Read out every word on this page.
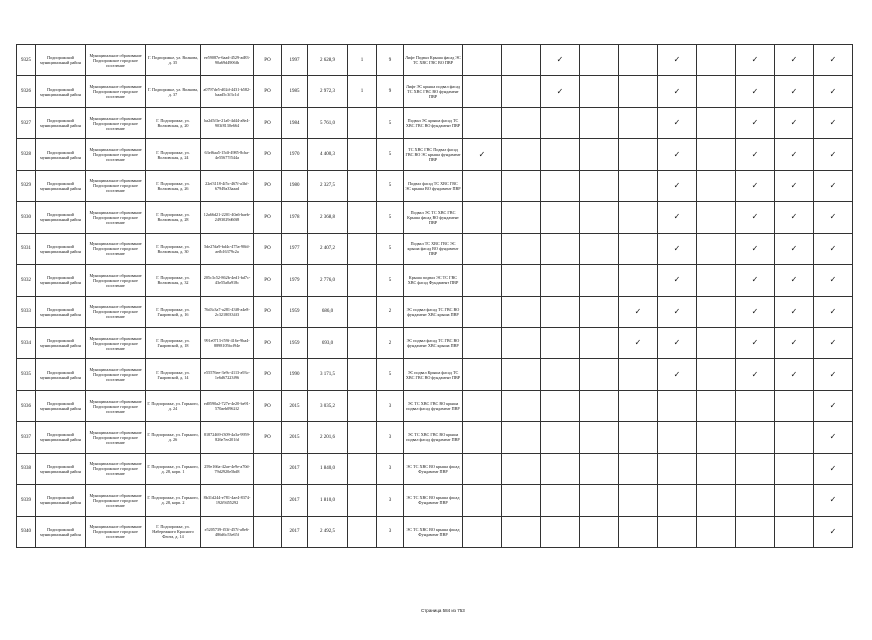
9325	Подпорожский муниципальный район	Муниципальное образование Подпорожское городское поселение	Г. Подпорожье, ул. Волкова, д. 35	ee59087e-6aad-4529-ad83-90a69d4906fb	РО	1997	2 628,9	1	9	Лифт Подвал Крыша фасад ЭС ТС ХВС ГВС ВО ПВР			✓			✓		✓	✓	✓
9326	Подпорожский муниципальный район	Муниципальное образование Подпорожское городское поселение	Г. Подпорожье, ул. Волкова, д. 37	a0797de5-d02d-4431-b582-baad5c3f3c1d	РО	1985	2 972,3	1	9	Лифт ЭС крыша подвал фасад ТС ХВС ГВС ВО фундамент ПВР			✓			✓		✓	✓	✓
9327	Подпорожский муниципальный район	Муниципальное образование Подпорожское городское поселение	Г. Подпорожье, ул. Волховская, д. 20	ba2d5f3e-21a0-4d44-a8e4-903f8130e664	РО	1984	5 761,0		5	Подвал ЭС крыша фасад ТС ХВС ГВС ВО фундамент ПВР						✓		✓	✓	✓
9328	Подпорожский муниципальный район	Муниципальное образование Подпорожское городское поселение	Г. Подпорожье, ул. Волховская, д. 24	63ef6aa5-15df-4985-8cba-4e55677f544a	РО	1970	4 400,3		5	ТС ХВС ГВС Подвал фасад ГВС ВО ЭС крыша фундамент ПВР	✓					✓		✓	✓	✓
9329	Подпорожский муниципальный район	Муниципальное образование Подпорожское городское поселение	Г. Подпорожье, ул. Волховская, д. 26	22ef3118-4f5c-467f-a3bf-67949a33aaad	РО	1980	2 327,5		5	Подвал фасад ТС ХВС ГВС ЭС крыша ВО фундамент ПВР						✓		✓	✓	✓
9330	Подпорожский муниципальный район	Муниципальное образование Подпорожское городское поселение	Г. Подпорожье, ул. Волховская, д. 28	12a66d21-2201-40a6-baeb-2493029d60f8	РО	1978	2 368,8		5	Подвал ЭС ТС ХВС ГВС Крыша фасад ВО фундамент ПВР						✓		✓	✓	✓
9331	Подпорожский муниципальный район	Муниципальное образование Подпорожское городское поселение	Г. Подпорожье, ул. Волховская, д. 30	5de27da9-bd4c-475a-90fd-aefb16379c2a	РО	1977	2 407,2		5	Подвал ТС ХВС ГВС ЭС крыша фасад ВО фундамент ПВР						✓		✓	✓	✓
9332	Подпорожский муниципальный район	Муниципальное образование Подпорожское городское поселение	Г. Подпорожье, ул. Волховская, д. 32	205c3c52-862b-4ed1-bd7c-43e55a0a918c	РО	1979	2 776,0		5	Крыша подвал ЭС ТС ГВС ХВС фасад Фундамент ПВР						✓		✓	✓	✓
9333	Подпорожский муниципальный район	Муниципальное образование Подпорожское городское поселение	Г. Подпорожье, ул. Гнаровской, д. 16	76d3c3a7-a281-43f8-a4e8-2c32180334f3	РО	1959	686,0		2	ЭС подвал фасад ТС ГВС ВО фундамент ХВС крыша ПВР					✓	✓		✓	✓	✓
9334	Подпорожский муниципальный район	Муниципальное образование Подпорожское городское поселение	Г. Подпорожье, ул. Гнаровской, д. 18	991e0713-f59f-416e-9ba4-8898105bcf94e	РО	1959	693,0		2	ЭС подвал фасад ТС ГВС ВО фундамент ХВС крыша ПВР					✓	✓		✓	✓	✓
9335	Подпорожский муниципальный район	Муниципальное образование Подпорожское городское поселение	Г. Подпорожье, ул. Гнаровской, д. 14	e55576ee-3e9c-4113-a93c-1e6d67223f96	РО	1990	3 171,5		5	ЭС подвал Крыша фасад ТС ХВС ГВС ВО фундамент ПВР						✓		✓	✓	✓
9336	Подпорожский муниципальный район	Муниципальное образование Подпорожское городское поселение	Г. Подпорожье, ул. Горького, д. 24	ed0590a2-727e-4e20-be91-570aeb0962f2	РО	2015	3 035,2		3	ЭС ТС ХВС ГВС ВО крыша подвал фасад фундамент ПВР										✓
9337	Подпорожский муниципальный район	Муниципальное образование Подпорожское городское поселение	Г. Подпорожье, ул. Горького, д. 26	81872469-f309-4a3a-9959-826e7ee201fd	РО	2015	2 201,6		3	ЭС ТС ХВС ГВС ВО крыша подвал фасад фундамент ПВР										✓
9338	Подпорожский муниципальный район	Муниципальное образование Подпорожское городское поселение	Г. Подпорожье, ул. Горького, д. 28, корп. 1	259e166a-42ae-4e9e-a70d-79d2920e5bd8		2017	1 840,0		3	ЭС ТС ХВС ВО крыша фасад Фундамент ПВР										✓
9339	Подпорожский муниципальный район	Муниципальное образование Подпорожское городское поселение	Г. Подпорожье, ул. Горького, д. 28, корп. 2	8b31d244-e781-4ae4-8374-192f9455292		2017	1 810,0		3	ЭС ТС ХВС ВО крыша фасад Фундамент ПВР										✓
9340	Подпорожский муниципальный район	Муниципальное образование Подпорожское городское поселение	Г. Подпорожье, ул. Набережного Красного Флота, д. 14	e5205739-f53f-457f-a8e6-486d6c53e65f		2017	2 492,5		3	ЭС ТС ХВС ВО крыша фасад Фундамент ПВР										✓
Страница 584 из 753
